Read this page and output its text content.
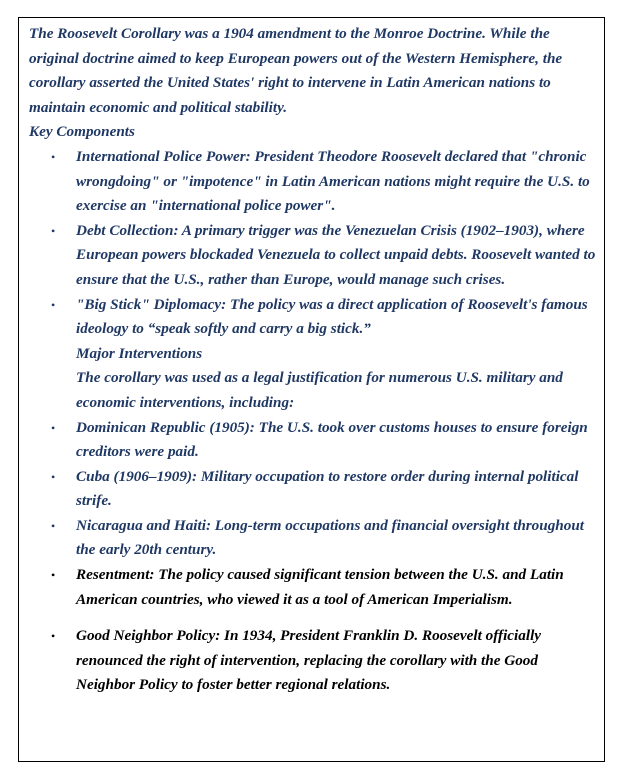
The Roosevelt Corollary was a 1904 amendment to the Monroe Doctrine. While the original doctrine aimed to keep European powers out of the Western Hemisphere, the corollary asserted the United States' right to intervene in Latin American nations to maintain economic and political stability.

Key Components

• International Police Power: President Theodore Roosevelt declared that "chronic wrongdoing" or "impotence" in Latin American nations might require the U.S. to exercise an "international police power".
• Debt Collection: A primary trigger was the Venezuelan Crisis (1902–1903), where European powers blockaded Venezuela to collect unpaid debts. Roosevelt wanted to ensure that the U.S., rather than Europe, would manage such crises.
• "Big Stick" Diplomacy: The policy was a direct application of Roosevelt's famous ideology to “speak softly and carry a big stick.”
Major Interventions
The corollary was used as a legal justification for numerous U.S. military and economic interventions, including:
• Dominican Republic (1905): The U.S. took over customs houses to ensure foreign creditors were paid.
• Cuba (1906–1909): Military occupation to restore order during internal political strife.
• Nicaragua and Haiti: Long-term occupations and financial oversight throughout the early 20th century.
• Resentment: The policy caused significant tension between the U.S. and Latin American countries, who viewed it as a tool of American Imperialism.
• Good Neighbor Policy: In 1934, President Franklin D. Roosevelt officially renounced the right of intervention, replacing the corollary with the Good Neighbor Policy to foster better regional relations.
